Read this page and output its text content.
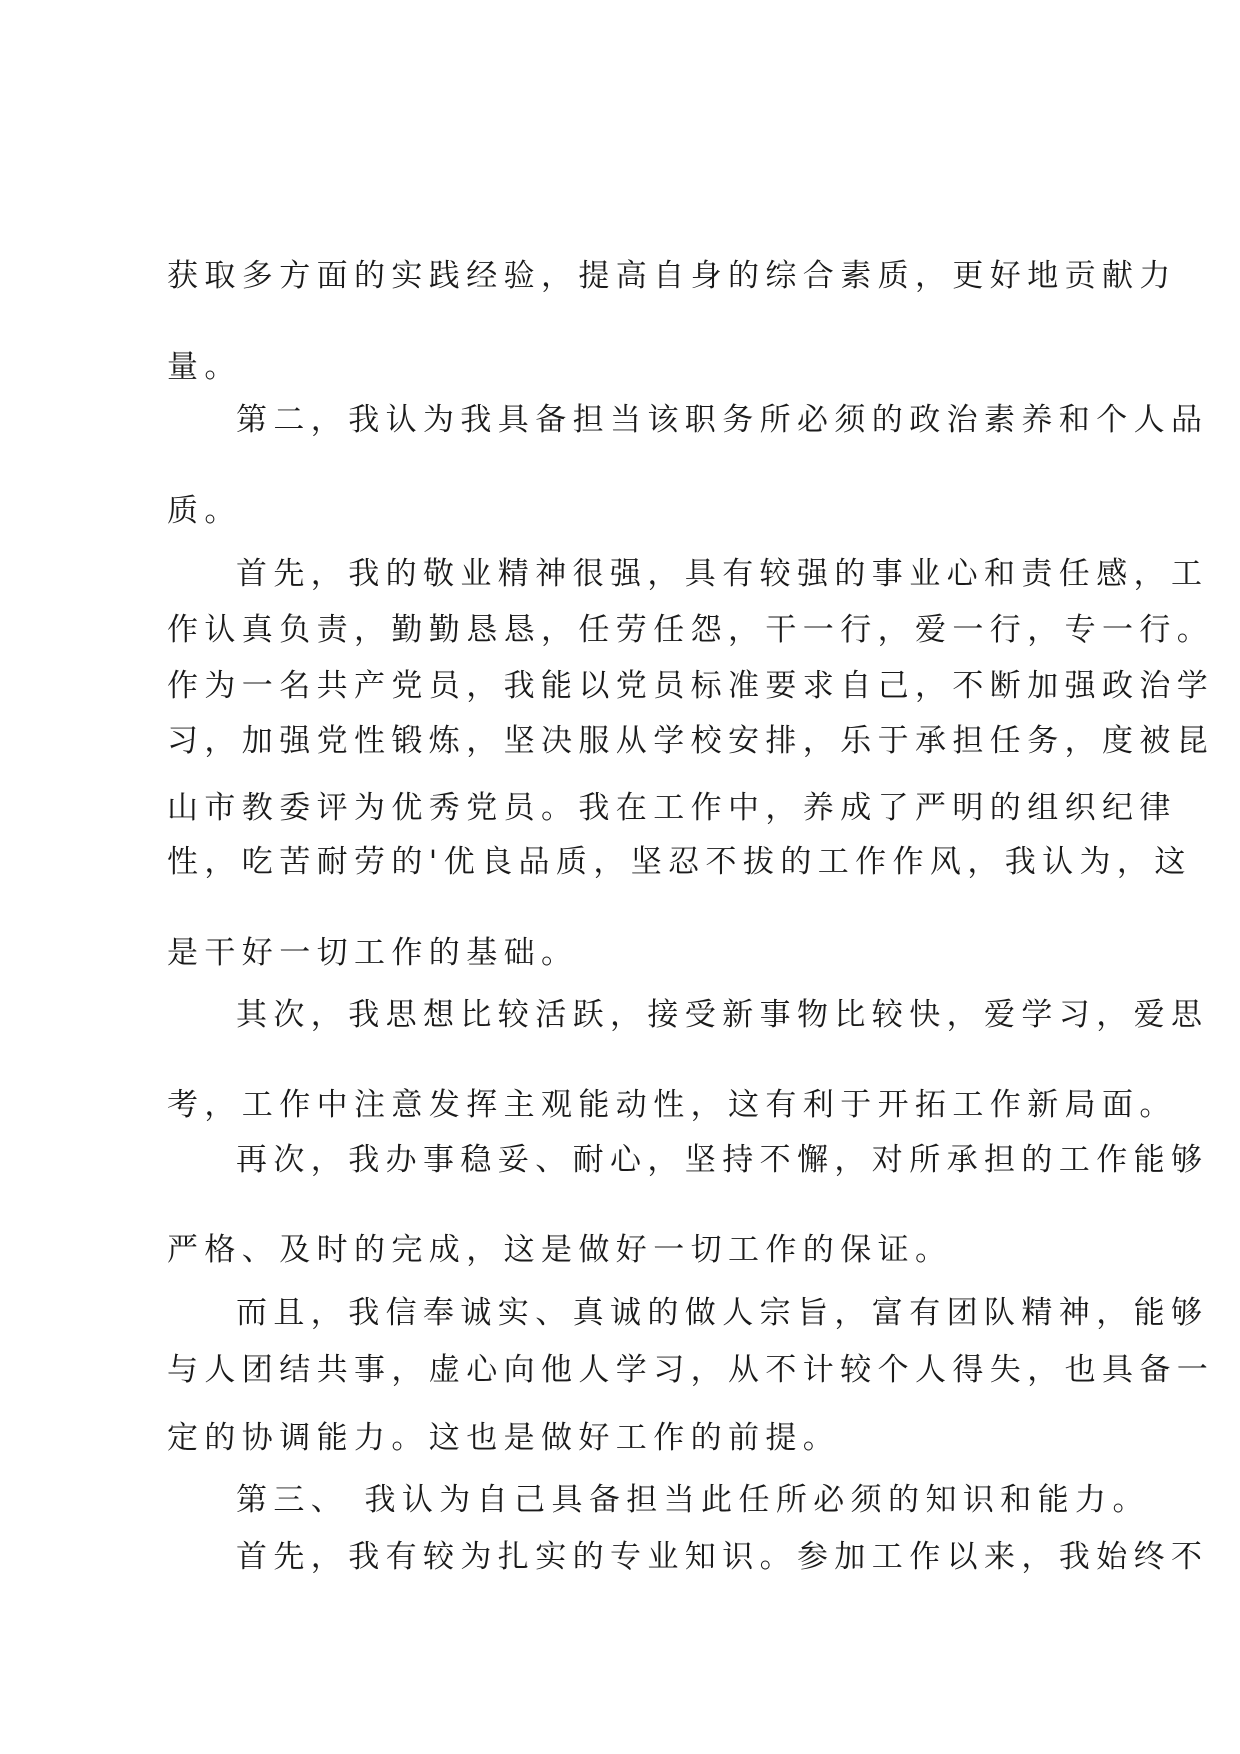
获取多方面的实践经验，提高自身的综合素质，更好地贡献力

量。

第二，我认为我具备担当该职务所必须的政治素养和个人品

质。

首先，我的敬业精神很强，具有较强的事业心和责任感，工

作认真负责，勤勤恳恳，任劳任怨，干一行，爱一行，专一行。

作为一名共产党员，我能以党员标准要求自己，不断加强政治学

习，加强党性锻炼，坚决服从学校安排，乐于承担任务，度被昆

山市教委评为优秀党员。我在工作中，养成了严明的组织纪律

性，吃苦耐劳的'优良品质，坚忍不拔的工作作风，我认为，这

是干好一切工作的基础。

其次，我思想比较活跃，接受新事物比较快，爱学习，爱思

考，工作中注意发挥主观能动性，这有利于开拓工作新局面。

再次，我办事稳妥、耐心，坚持不懈，对所承担的工作能够

严格、及时的完成，这是做好一切工作的保证。

而且，我信奉诚实、真诚的做人宗旨，富有团队精神，能够

与人团结共事，虚心向他人学习，从不计较个人得失，也具备一

定的协调能力。这也是做好工作的前提。

第三、 我认为自己具备担当此任所必须的知识和能力。

首先，我有较为扎实的专业知识。参加工作以来，我始终不
